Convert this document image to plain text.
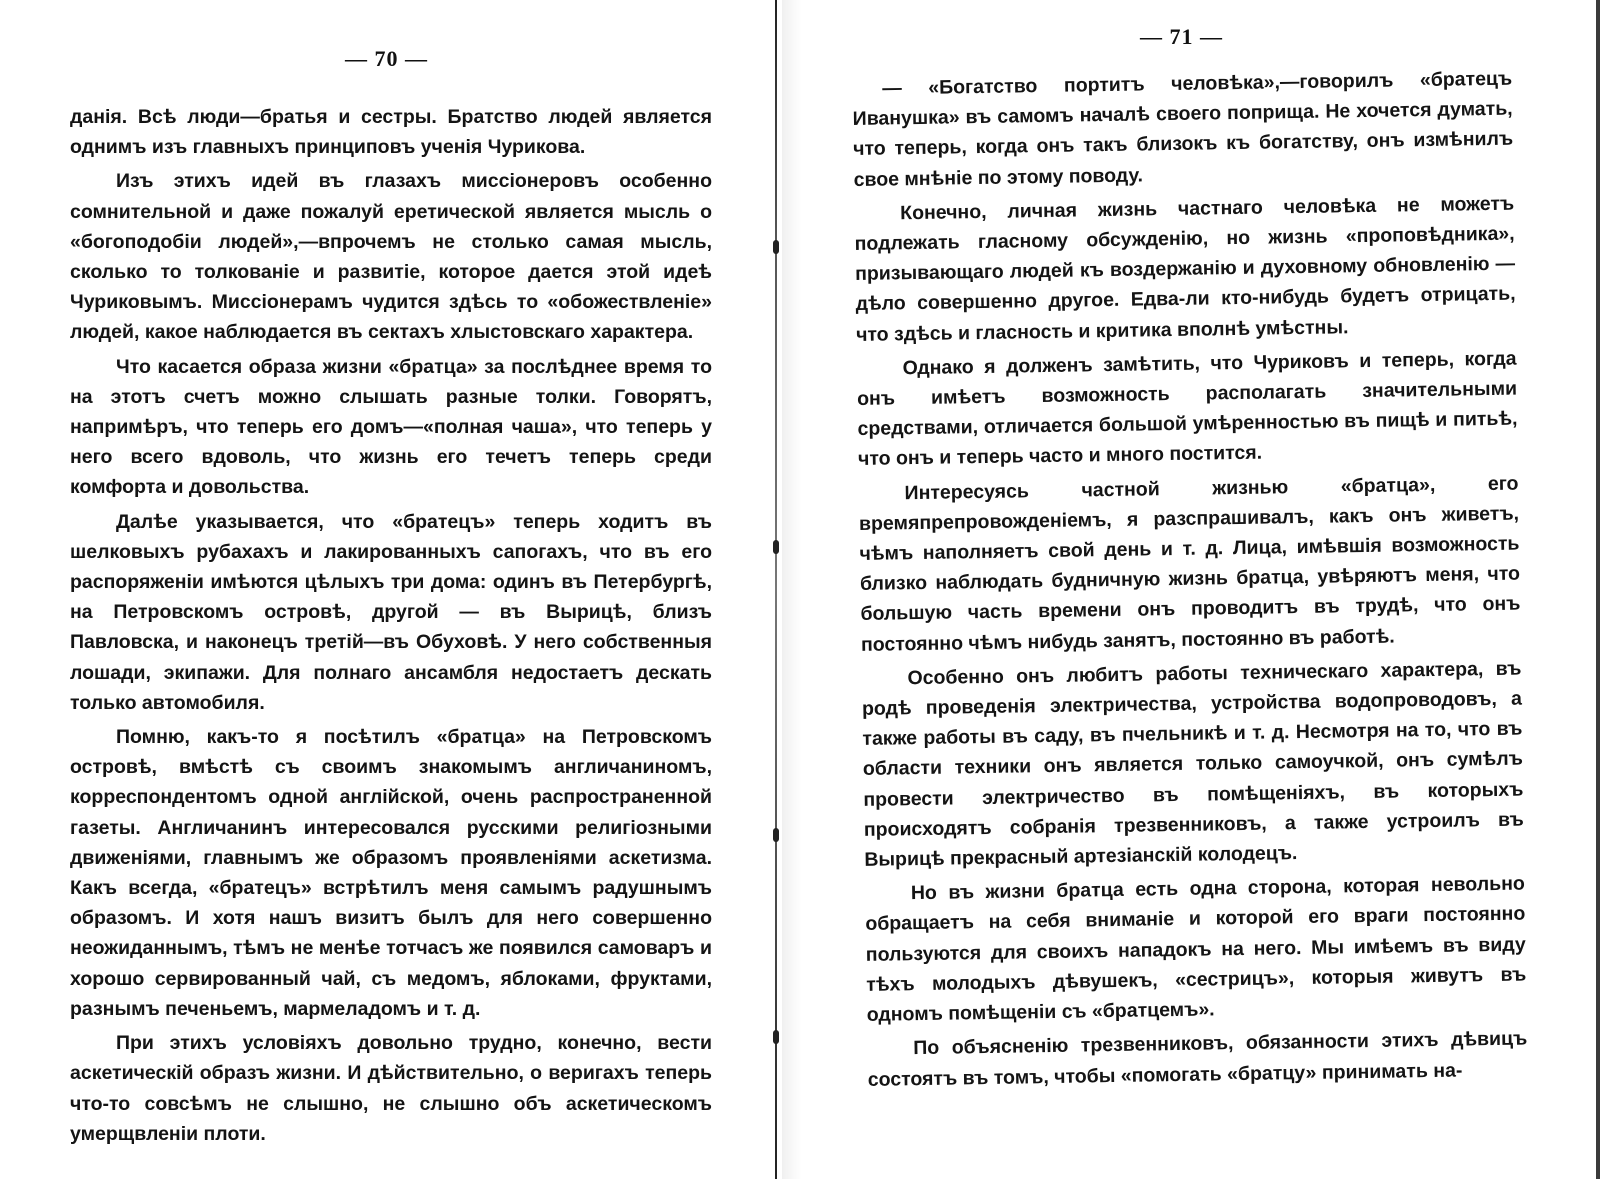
— 70 —

данія. Всѣ люди—братья и сестры. Братство людей является однимъ изъ главныхъ принциповъ ученія Чурикова.

Изъ этихъ идей въ глазахъ миссіонеровъ особенно сомнительной и даже пожалуй еретической является мысль о «богоподобіи людей»,—впрочемъ не столько самая мысль, сколько то толкованіе и развитіе, которое дается этой идеѣ Чуриковымъ. Миссіонерамъ чудится здѣсь то «обожествленіе» людей, какое наблюдается въ сектахъ хлыстовскаго характера.

Что касается образа жизни «братца» за послѣднее время то на этотъ счетъ можно слышать разные толки. Говорятъ, напримѣръ, что теперь его домъ—«полная чаша», что теперь у него всего вдоволь, что жизнь его течетъ теперь среди комфорта и довольства.

Далѣе указывается, что «братецъ» теперь ходитъ въ шелковыхъ рубахахъ и лакированныхъ сапогахъ, что въ его распоряженіи имѣются цѣлыхъ три дома: одинъ въ Петербургѣ, на Петровскомъ островѣ, другой — въ Вырицѣ, близъ Павловска, и наконецъ третій—въ Обуховѣ. У него собственныя лошади, экипажи. Для полнаго ансамбля недостаетъ дескать только автомобиля.

Помню, какъ-то я посѣтилъ «братца» на Петровскомъ островѣ, вмѣстѣ съ своимъ знакомымъ англичаниномъ, корреспондентомъ одной англійской, очень распространенной газеты. Англичанинъ интересовался русскими религіозными движеніями, главнымъ же образомъ проявленіями аскетизма. Какъ всегда, «братецъ» встрѣтилъ меня самымъ радушнымъ образомъ. И хотя нашъ визитъ былъ для него совершенно неожиданнымъ, тѣмъ не менѣе тотчасъ же появился самоваръ и хорошо сервированный чай, съ медомъ, яблоками, фруктами, разнымъ печеньемъ, мармеладомъ и т. д.

При этихъ условіяхъ довольно трудно, конечно, вести аскетическій образъ жизни. И дѣйствительно, о веригахъ теперь что-то совсѣмъ не слышно, не слышно объ аскетическомъ умерщвленіи плоти.

— 71 —

— «Богатство портитъ человѣка»,—говорилъ «братецъ Иванушка» въ самомъ началѣ своего поприща. Не хочется думать, что теперь, когда онъ такъ близокъ къ богатству, онъ измѣнилъ свое мнѣніе по этому поводу.

Конечно, личная жизнь частнаго человѣка не можетъ подлежать гласному обсужденію, но жизнь «проповѣдника», призывающаго людей къ воздержанію и духовному обновленію — дѣло совершенно другое. Едва-ли кто-нибудь будетъ отрицать, что здѣсь и гласность и критика вполнѣ умѣстны.

Однако я долженъ замѣтить, что Чуриковъ и теперь, когда онъ имѣетъ возможность располагать значительными средствами, отличается большой умѣренностью въ пищѣ и питьѣ, что онъ и теперь часто и много постится.

Интересуясь частной жизнью «братца», его времяпрепровожденіемъ, я разспрашивалъ, какъ онъ живетъ, чѣмъ наполняетъ свой день и т. д. Лица, имѣвшія возможность близко наблюдать будничную жизнь братца, увѣряютъ меня, что большую часть времени онъ проводитъ въ трудѣ, что онъ постоянно чѣмъ нибудь занятъ, постоянно въ работѣ.

Особенно онъ любитъ работы техническаго характера, въ родѣ проведенія электричества, устройства водопроводовъ, а также работы въ саду, въ пчельникѣ и т. д. Несмотря на то, что въ области техники онъ является только самоучкой, онъ сумѣлъ провести электричество въ помѣщеніяхъ, въ которыхъ происходятъ собранія трезвенниковъ, а также устроилъ въ Вырицѣ прекрасный артезіанскій колодецъ.

Но въ жизни братца есть одна сторона, которая невольно обращаетъ на себя вниманіе и которой его враги постоянно пользуются для своихъ нападокъ на него. Мы имѣемъ въ виду тѣхъ молодыхъ дѣвушекъ, «сестрицъ», которыя живутъ въ одномъ помѣщеніи съ «братцемъ».

По объясненію трезвенниковъ, обязанности этихъ дѣвицъ состоятъ въ томъ, чтобы «помогать «братцу» принимать на-
